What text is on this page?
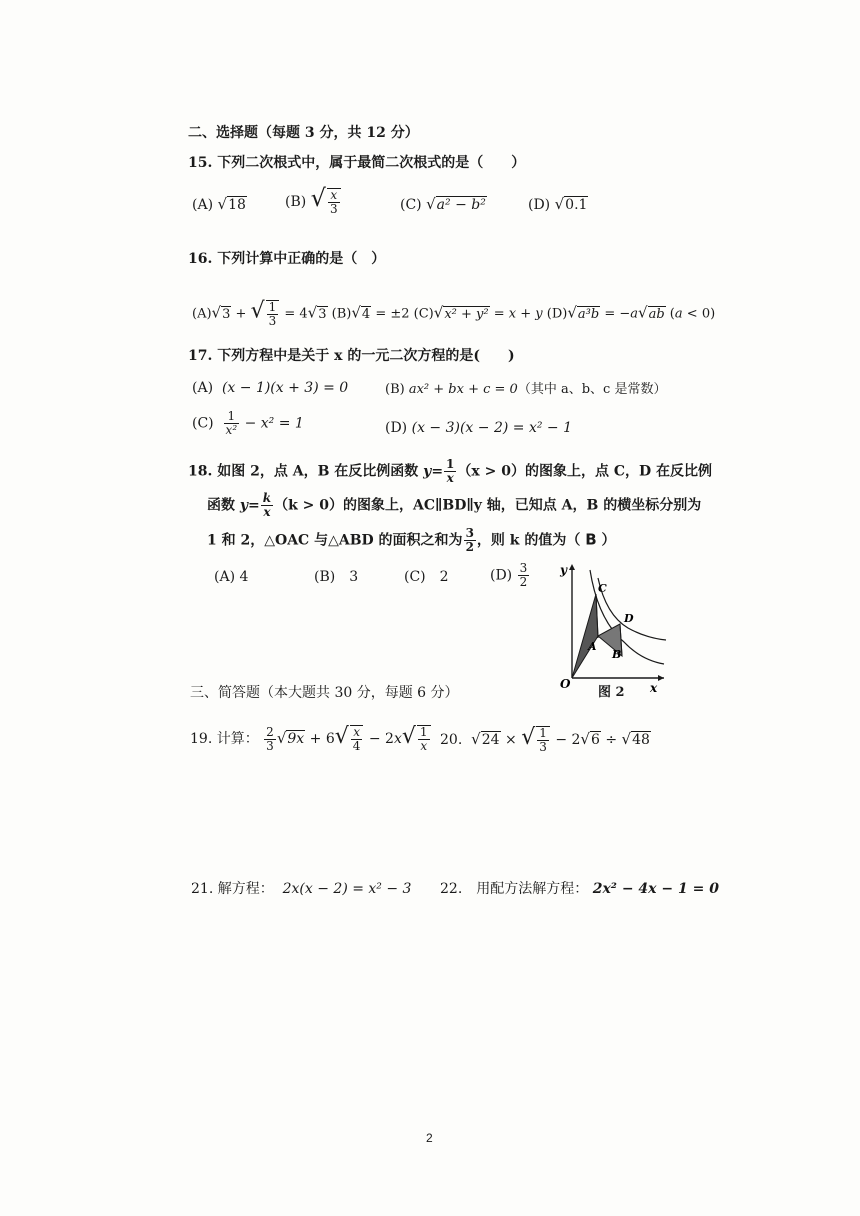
二、选择题（每题 3 分，共 12 分）
15. 下列二次根式中，属于最简二次根式的是（　　）
(A) √18	(B) √ $\frac{x}{3}$	(C) √a² − b²	(D) √0.1
16. 下列计算中正确的是（　）
(A)√3 + √ $\frac{1}{3} = 4√3$ (B)√4 = ±2 (C)√x² + y² = x + y (D)√a³b = −a√ab (a < 0)
17. 下列方程中是关于 x 的一元二次方程的是(　　)
(A) (x − 1)(x + 3) = 0	(B) ax² + bx + c = 0（其中 a、b、c 是常数）
$(C) \frac{1}{\text{x²}} - x^2 = 1$	(D) (x − 3)(x − 2) = x² − 1
18. 如图 2，点 A，B 在反比例函数 $y= \frac{1}{x} (x > 0)$的图象上，点 C，D 在反比例
函数 $y= \frac{k}{x} (k > 0)$的图象上，AC∥BD∥y 轴，已知点 A，B 的横坐标分别为
1 和 2，△OAC 与△ABD 的面积之和为 $\frac{3}{2}$ ，则 k 的值为（ B ）
(A) 4	(B)　3	(C)　2	$(D) \frac{3}{2}$	y
x
O
C
D
A
B
图 2
三、简答题（本大题共 30 分，每题 6 分）
19. 计算： $\frac{2}{3} √9x + 6√ \frac{x}{4} - 2x√ \frac{1}{x} 20$. √24 × √ $\frac{1}{3} - 2√6 \div √48$
21. 解方程： 2x(x − 2) = x² − 3 22.　用配方法解方程： 2x² − 4x − 1 = 0
2
